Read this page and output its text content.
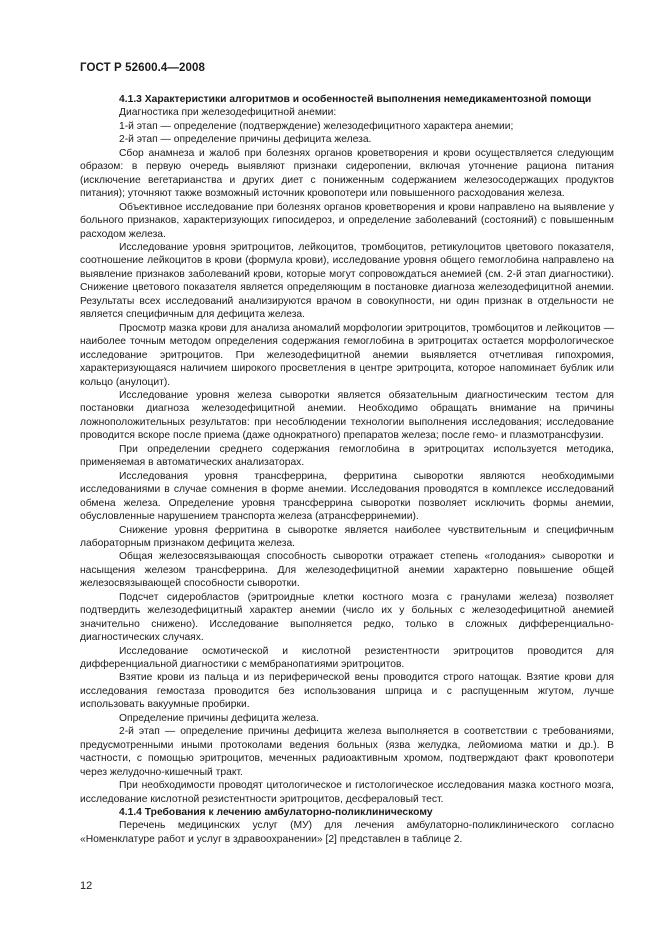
ГОСТ Р 52600.4—2008
4.1.3 Характеристики алгоритмов и особенностей выполнения немедикаментозной помощи

Диагностика при железодефицитной анемии:

1-й этап — определение (подтверждение) железодефицитного характера анемии;

2-й этап — определение причины дефицита железа.

Сбор анамнеза и жалоб при болезнях органов кроветворения и крови осуществляется следующим образом: в первую очередь выявляют признаки сидеропении, включая уточнение рациона питания (исключение вегетарианства и других диет с пониженным содержанием железосодержащих продуктов питания); уточняют также возможный источник кровопотери или повышенного расходования железа.

Объективное исследование при болезнях органов кроветворения и крови направлено на выявление у больного признаков, характеризующих гипосидероз, и определение заболеваний (состояний) с повышенным расходом железа.

Исследование уровня эритроцитов, лейкоцитов, тромбоцитов, ретикулоцитов цветового показателя, соотношение лейкоцитов в крови (формула крови), исследование уровня общего гемоглобина направлено на выявление признаков заболеваний крови, которые могут сопровождаться анемией (см. 2-й этап диагностики). Снижение цветового показателя является определяющим в постановке диагноза железодефицитной анемии. Результаты всех исследований анализируются врачом в совокупности, ни один признак в отдельности не является специфичным для дефицита железа.

Просмотр мазка крови для анализа аномалий морфологии эритроцитов, тромбоцитов и лейкоцитов — наиболее точным методом определения содержания гемоглобина в эритроцитах остается морфологическое исследование эритроцитов. При железодефицитной анемии выявляется отчетливая гипохромия, характеризующаяся наличием широкого просветления в центре эритроцита, которое напоминает бублик или кольцо (анулоцит).

Исследование уровня железа сыворотки является обязательным диагностическим тестом для постановки диагноза железодефицитной анемии. Необходимо обращать внимание на причины ложноположительных результатов: при несоблюдении технологии выполнения исследования; исследование проводится вскоре после приема (даже однократного) препаратов железа; после гемо- и плазмотрансфузии.

При определении среднего содержания гемоглобина в эритроцитах используется методика, применяемая в автоматических анализаторах.

Исследования уровня трансферрина, ферритина сыворотки являются необходимыми исследованиями в случае сомнения в форме анемии. Исследования проводятся в комплексе исследований обмена железа. Определение уровня трансферрина сыворотки позволяет исключить формы анемии, обусловленные нарушением транспорта железа (атрансферринемии).

Снижение уровня ферритина в сыворотке является наиболее чувствительным и специфичным лабораторным признаком дефицита железа.

Общая железосвязывающая способность сыворотки отражает степень «голодания» сыворотки и насыщения железом трансферрина. Для железодефицитной анемии характерно повышение общей железосвязывающей способности сыворотки.

Подсчет сидеробластов (эритроидные клетки костного мозга с гранулами железа) позволяет подтвердить железодефицитный характер анемии (число их у больных с железодефицитной анемией значительно снижено). Исследование выполняется редко, только в сложных дифференциально-диагностических случаях.

Исследование осмотической и кислотной резистентности эритроцитов проводится для дифференциальной диагностики с мембранопатиями эритроцитов.

Взятие крови из пальца и из периферической вены проводится строго натощак. Взятие крови для исследования гемостаза проводится без использования шприца и с распущенным жгутом, лучше использовать вакуумные пробирки.

Определение причины дефицита железа.

2-й этап — определение причины дефицита железа выполняется в соответствии с требованиями, предусмотренными иными протоколами ведения больных (язва желудка, лейомиома матки и др.). В частности, с помощью эритроцитов, меченных радиоактивным хромом, подтверждают факт кровопотери через желудочно-кишечный тракт.

При необходимости проводят цитологическое и гистологическое исследования мазка костного мозга, исследование кислотной резистентности эритроцитов, десфераловый тест.

4.1.4 Требования к лечению амбулаторно-поликлиническому

Перечень медицинских услуг (МУ) для лечения амбулаторно-поликлинического согласно «Номенклатуре работ и услуг в здравоохранении» [2] представлен в таблице 2.

12
